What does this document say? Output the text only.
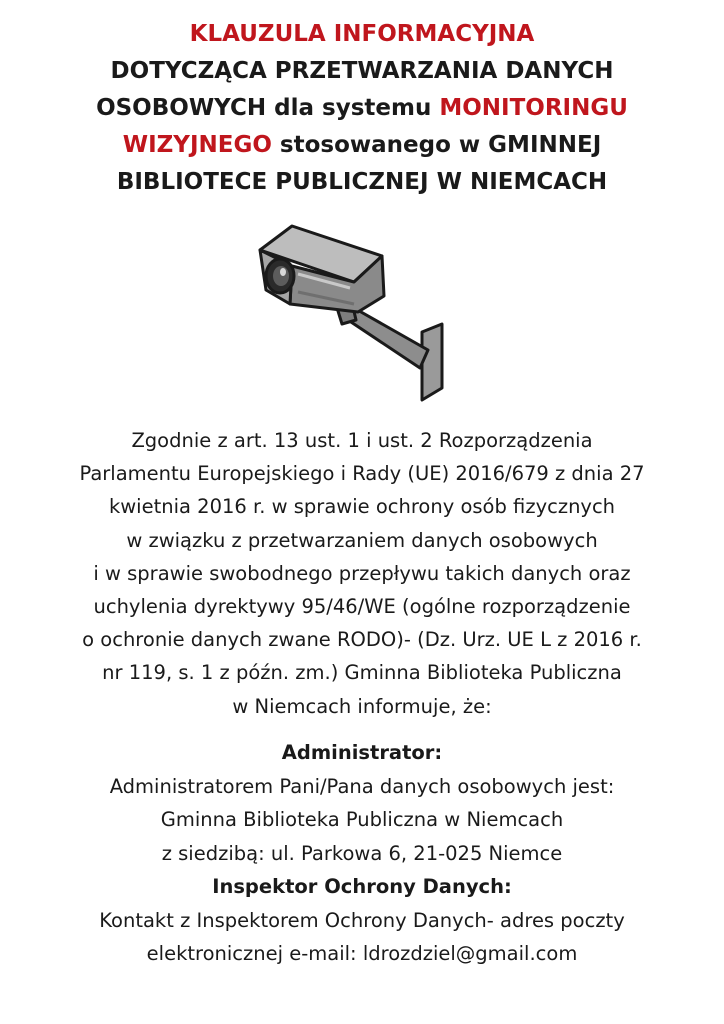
KLAUZULA INFORMACYJNA
DOTYCZĄCA PRZETWARZANIA DANYCH
OSOBOWYCH dla systemu MONITORINGU
WIZYJNEGO stosowanego w GMINNEJ
BIBLIOTECE PUBLICZNEJ W NIEMCACH
Zgodnie z art. 13 ust. 1 i ust. 2 Rozporządzenia
Parlamentu Europejskiego i Rady (UE) 2016/679 z dnia 27
kwietnia 2016 r. w sprawie ochrony osób fizycznych
w związku z przetwarzaniem danych osobowych
i w sprawie swobodnego przepływu takich danych oraz
uchylenia dyrektywy 95/46/WE (ogólne rozporządzenie
o ochronie danych zwane RODO)- (Dz. Urz. UE L z 2016 r.
nr 119, s. 1 z późn. zm.) Gminna Biblioteka Publiczna
w Niemcach informuje, że:
Administrator:
Administratorem Pani/Pana danych osobowych jest:
Gminna Biblioteka Publiczna w Niemcach
z siedzibą: ul. Parkowa 6, 21-025 Niemce
Inspektor Ochrony Danych:
Kontakt z Inspektorem Ochrony Danych- adres poczty
elektronicznej e-mail: ldrozdziel@gmail.com
